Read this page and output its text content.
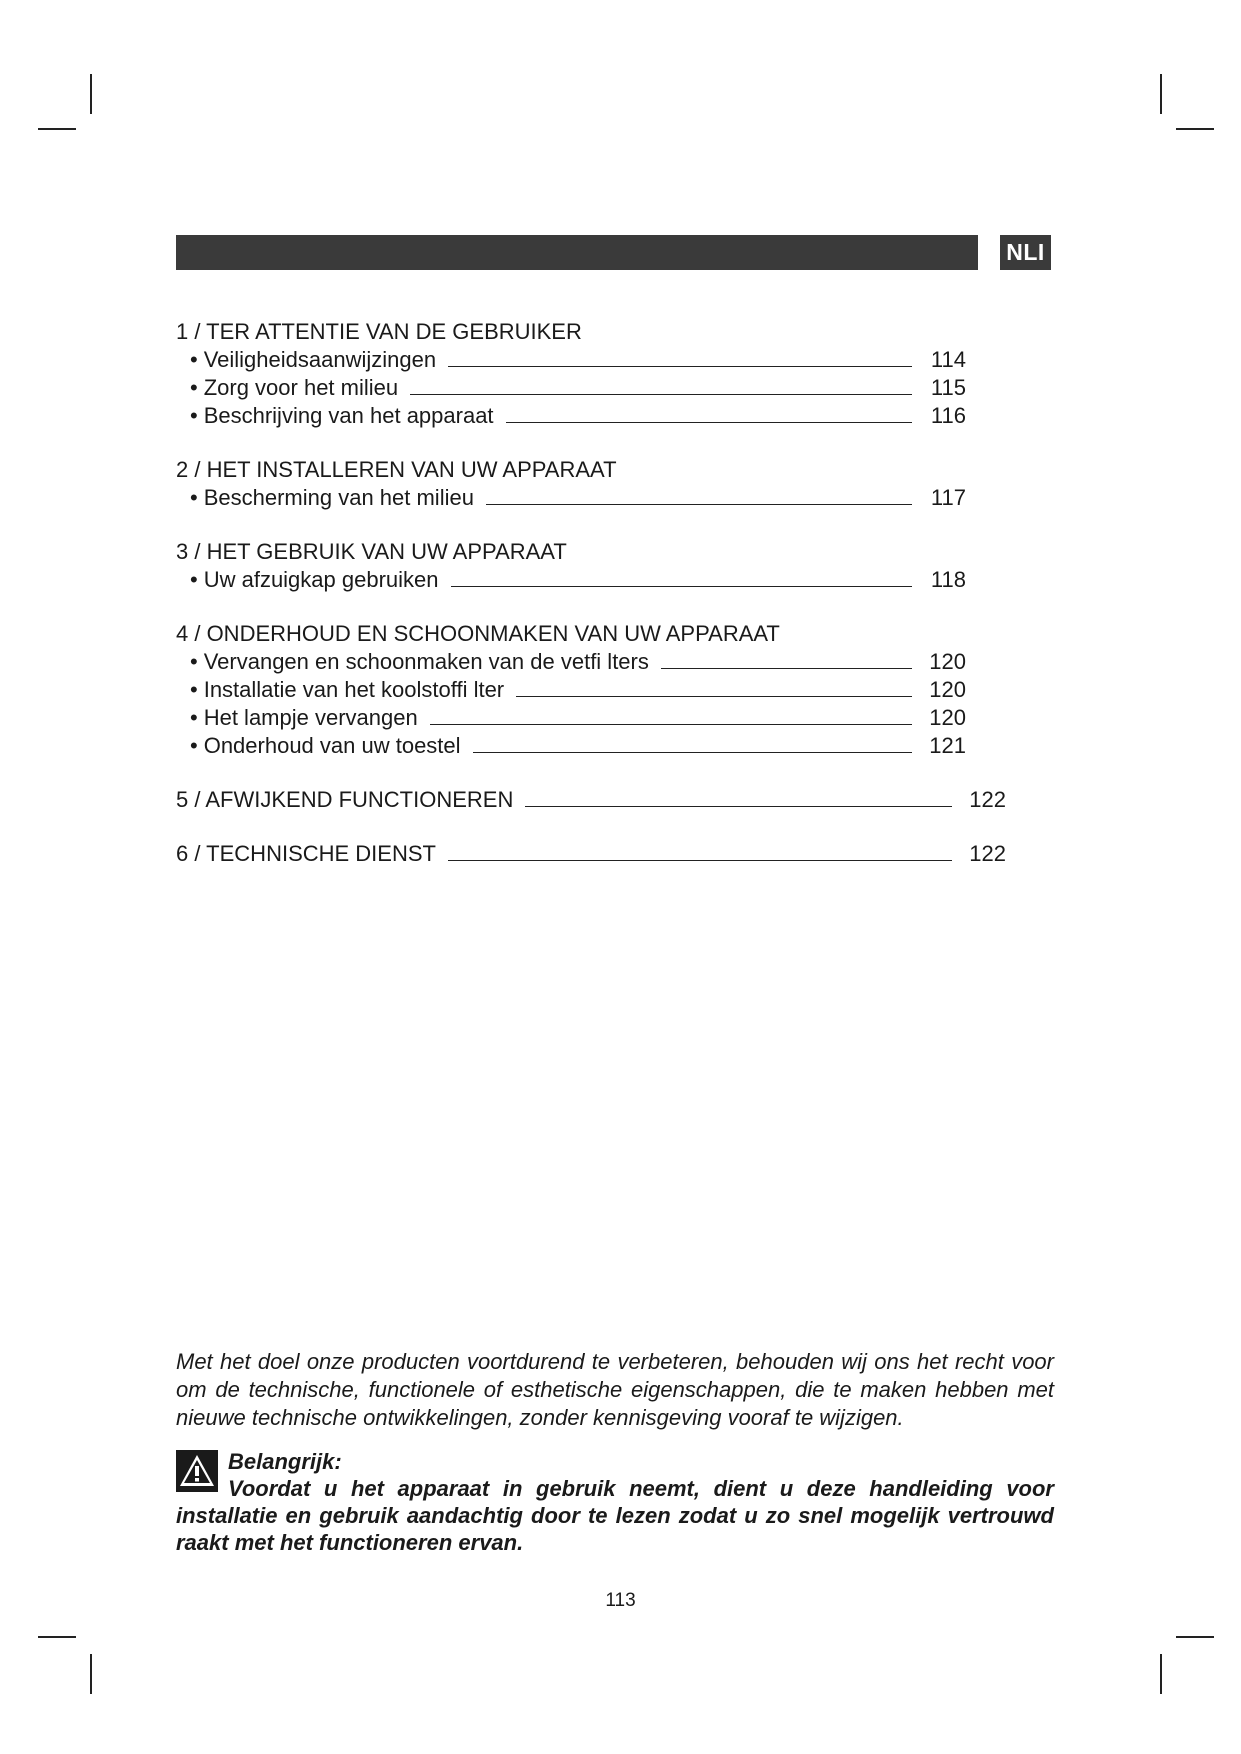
NLI
1 / TER ATTENTIE VAN DE GEBRUIKER
• Veiligheidsaanwijzingen	114
• Zorg voor het milieu	115
• Beschrijving van het apparaat	116
2 / HET INSTALLEREN VAN UW APPARAAT
• Bescherming van het milieu	117
3 / HET GEBRUIK VAN UW APPARAAT
• Uw afzuigkap gebruiken	118
4 / ONDERHOUD EN SCHOONMAKEN VAN UW APPARAAT
• Vervangen en schoonmaken van de vetfi lters	120
• Installatie van het koolstoffi lter	120
• Het lampje vervangen	120
• Onderhoud van uw toestel	121
5 / AFWIJKEND FUNCTIONEREN	122
6 / TECHNISCHE DIENST	122
Met het doel onze producten voortdurend te verbeteren, behouden wij ons het recht voor om de technische, functionele of esthetische eigenschappen, die te maken hebben met nieuwe technische ontwikkelingen, zonder kennisgeving vooraf te wijzigen.
Belangrijk:
Voordat u het apparaat in gebruik neemt, dient u deze handleiding voor installatie en gebruik aandachtig door te lezen zodat u zo snel mogelijk vertrouwd raakt met het functioneren ervan.
113
